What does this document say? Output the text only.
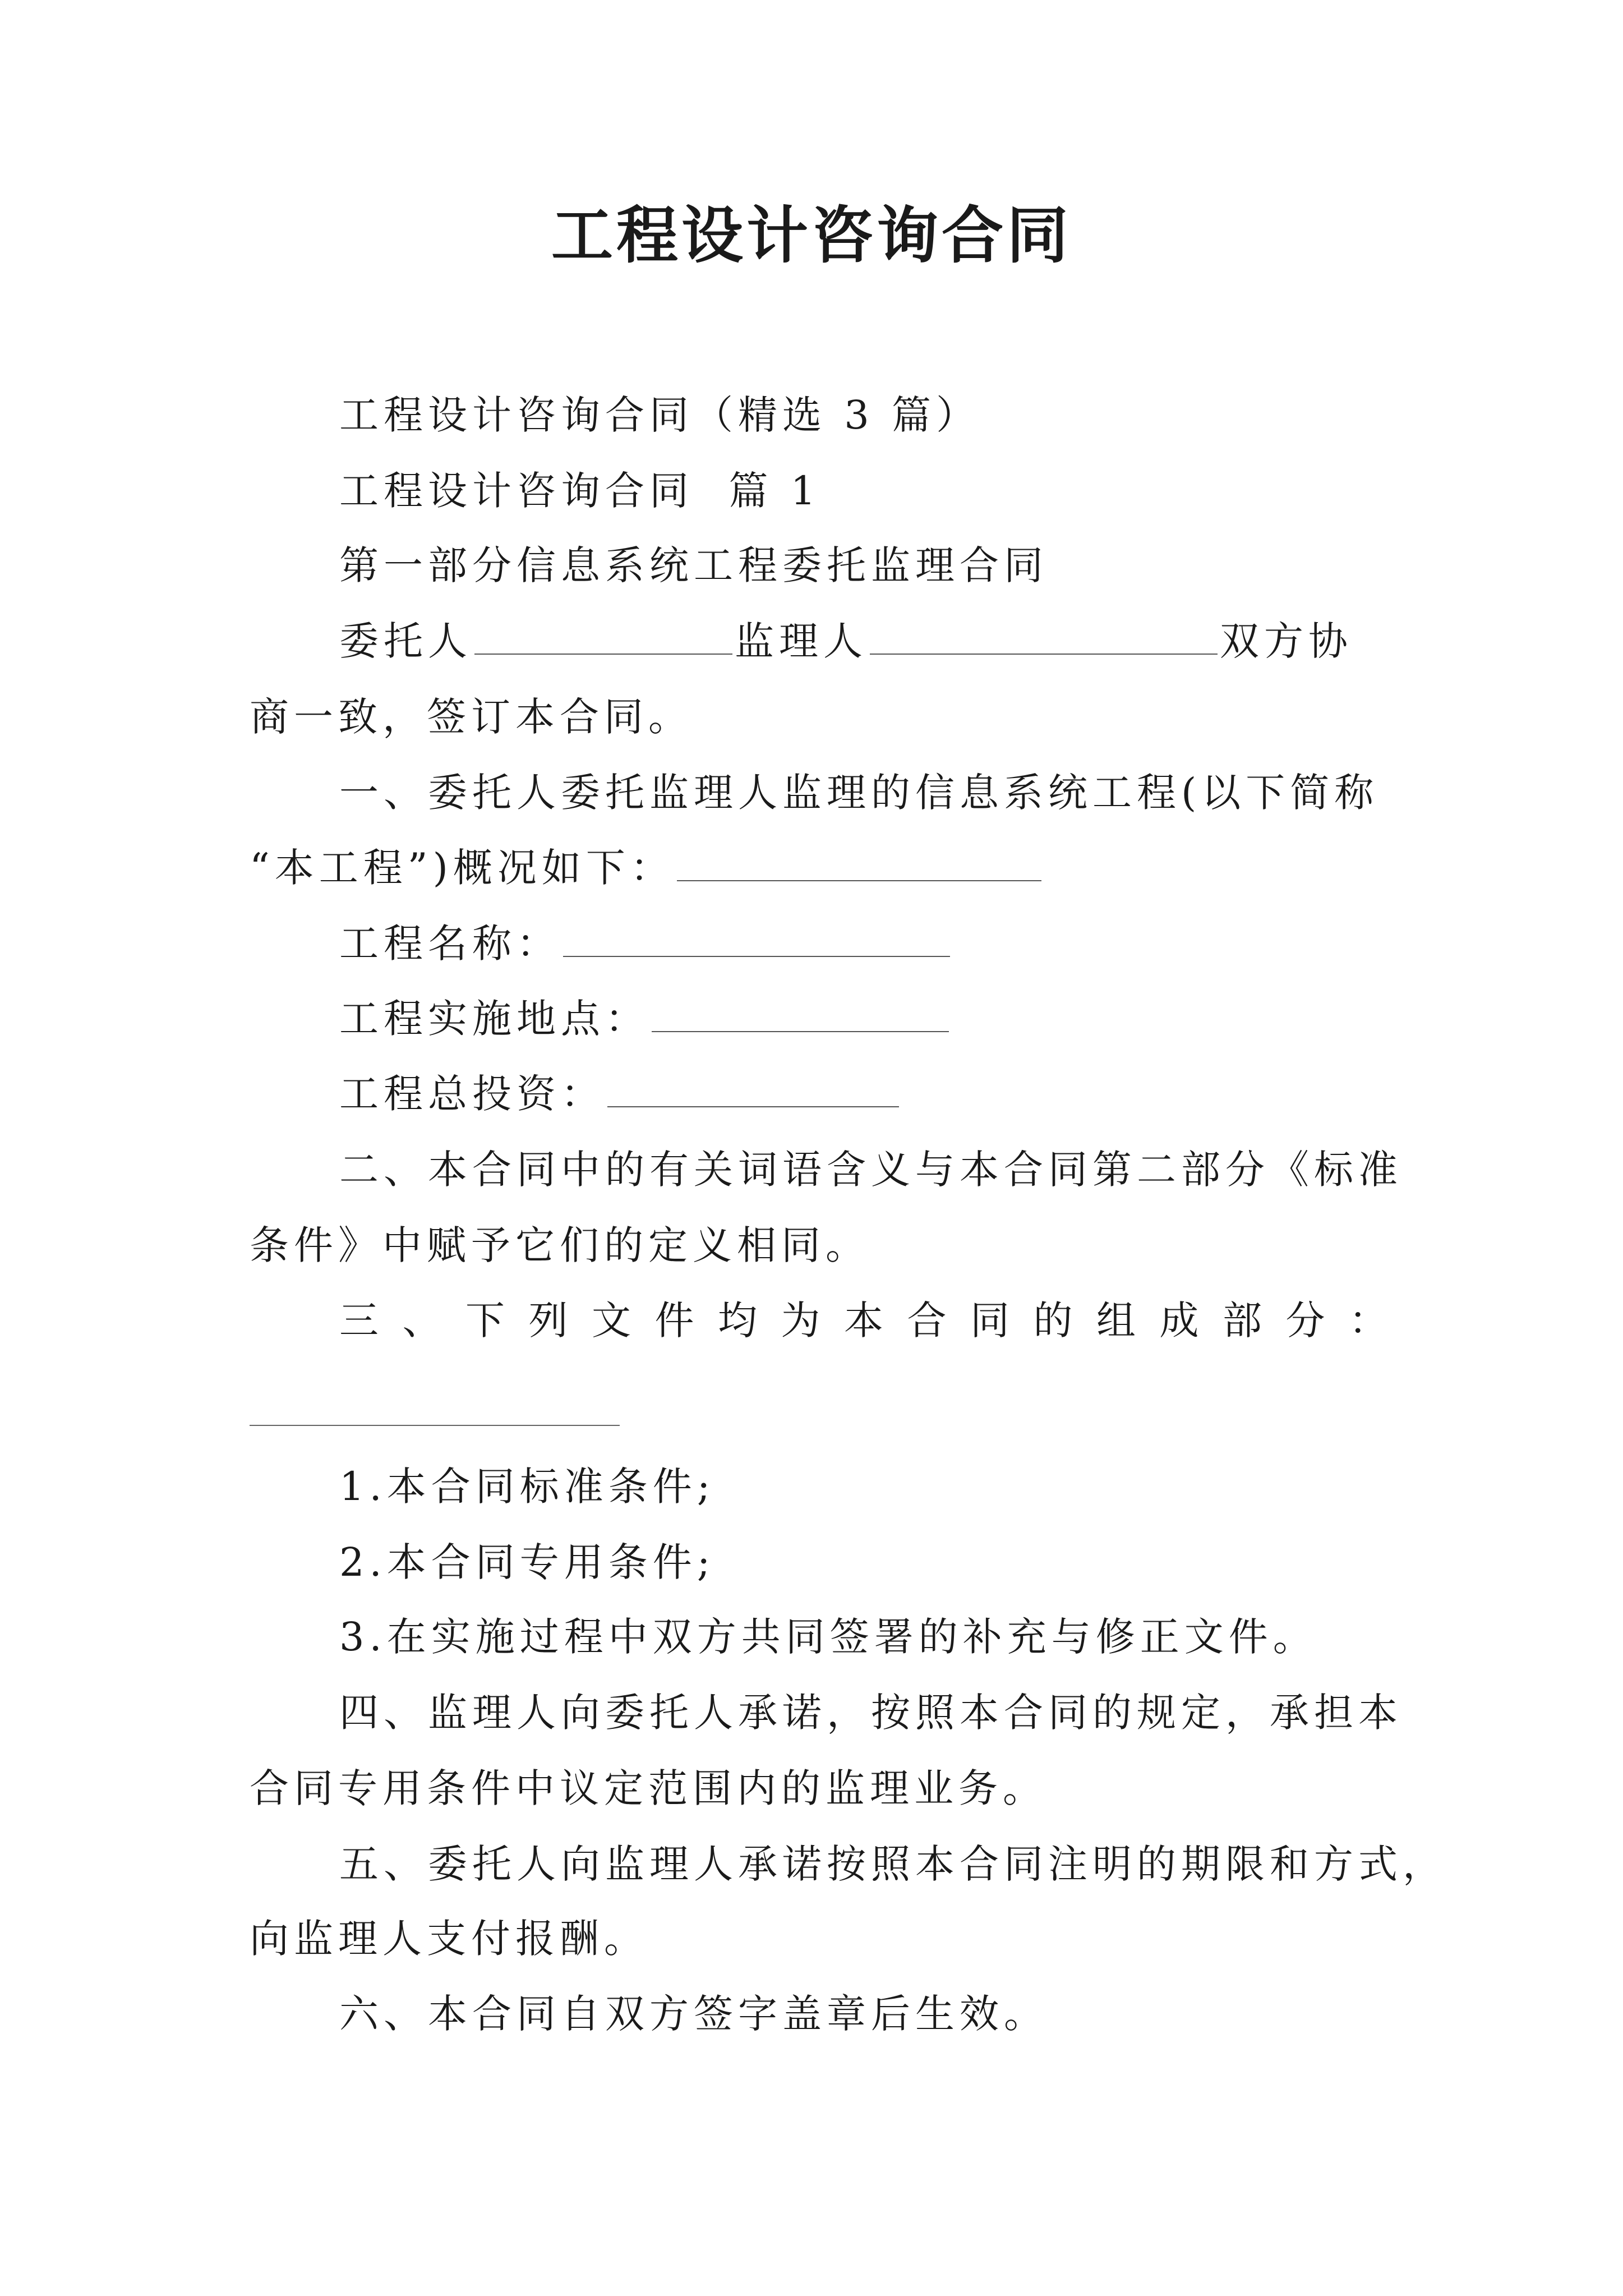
工程设计咨询合同
工程设计咨询合同（精选 3 篇）
工程设计咨询合同  篇 1
第一部分信息系统工程委托监理合同
委托人	监理人	双方协
商一致，签订本合同。
一、委托人委托监理人监理的信息系统工程(以下简称
“本工程”)概况如下：
工程名称：
工程实施地点：
工程总投资：
二、本合同中的有关词语含义与本合同第二部分《标准
条件》中赋予它们的定义相同。
三 、 下 列 文 件 均 为 本 合 同 的 组 成 部 分 ：
1.本合同标准条件;
2.本合同专用条件;
3.在实施过程中双方共同签署的补充与修正文件。
四、监理人向委托人承诺，按照本合同的规定，承担本
合同专用条件中议定范围内的监理业务。
五、委托人向监理人承诺按照本合同注明的期限和方式，
向监理人支付报酬。
六、本合同自双方签字盖章后生效。
